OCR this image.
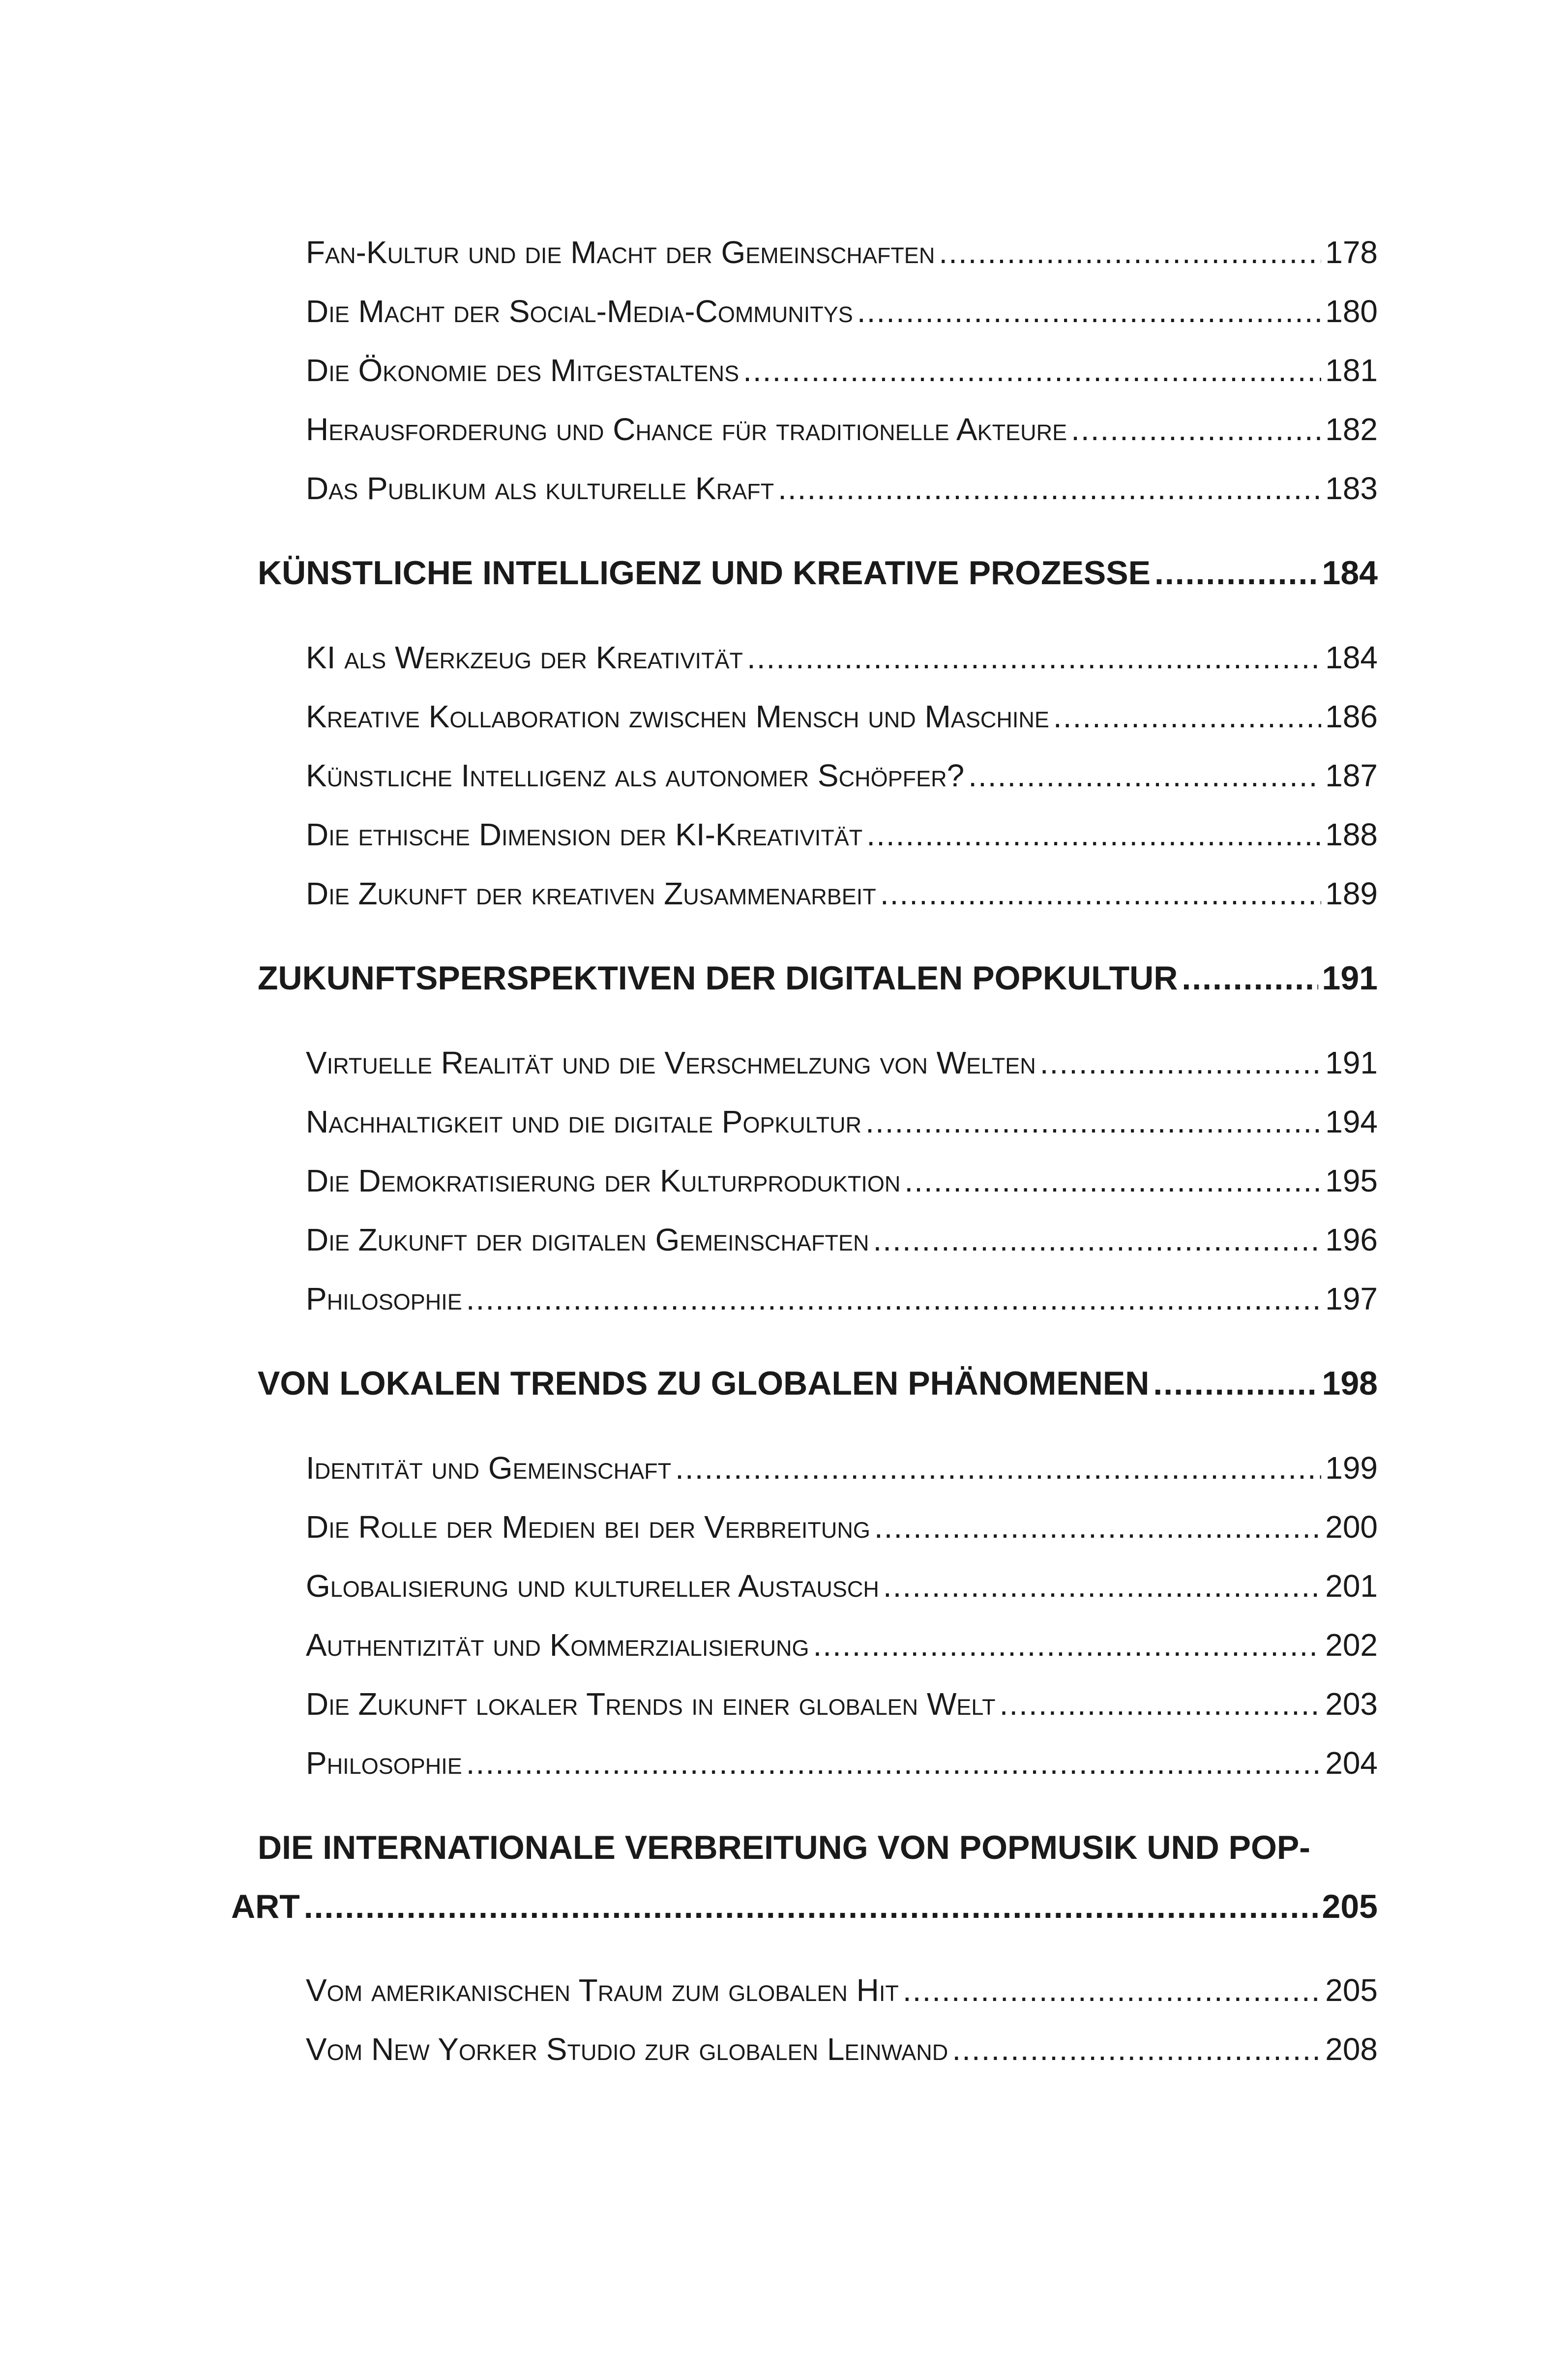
Fan-Kultur und die Macht der Gemeinschaften .....	178
Die Macht der Social-Media-Communitys .....	180
Die Ökonomie des Mitgestaltens .....	181
Herausforderung und Chance für traditionelle Akteure .....	182
Das Publikum als kulturelle Kraft .....	183
KÜNSTLICHE INTELLIGENZ UND KREATIVE PROZESSE .....	184
KI als Werkzeug der Kreativität .....	184
Kreative Kollaboration zwischen Mensch und Maschine .....	186
Künstliche Intelligenz als autonomer Schöpfer? .....	187
Die ethische Dimension der KI-Kreativität .....	188
Die Zukunft der kreativen Zusammenarbeit .....	189
ZUKUNFTSPERSPEKTIVEN DER DIGITALEN POPKULTUR .....	191
Virtuelle Realität und die Verschmelzung von Welten .....	191
Nachhaltigkeit und die digitale Popkultur .....	194
Die Demokratisierung der Kulturproduktion .....	195
Die Zukunft der digitalen Gemeinschaften .....	196
Philosophie .....	197
VON LOKALEN TRENDS ZU GLOBALEN PHÄNOMENEN .....	198
Identität und Gemeinschaft .....	199
Die Rolle der Medien bei der Verbreitung .....	200
Globalisierung und kultureller Austausch .....	201
Authentizität und Kommerzialisierung .....	202
Die Zukunft lokaler Trends in einer globalen Welt .....	203
Philosophie .....	204
DIE INTERNATIONALE VERBREITUNG VON POPMUSIK UND POP-
ART .....	205
Vom amerikanischen Traum zum globalen Hit .....	205
Vom New Yorker Studio zur globalen Leinwand .....	208
